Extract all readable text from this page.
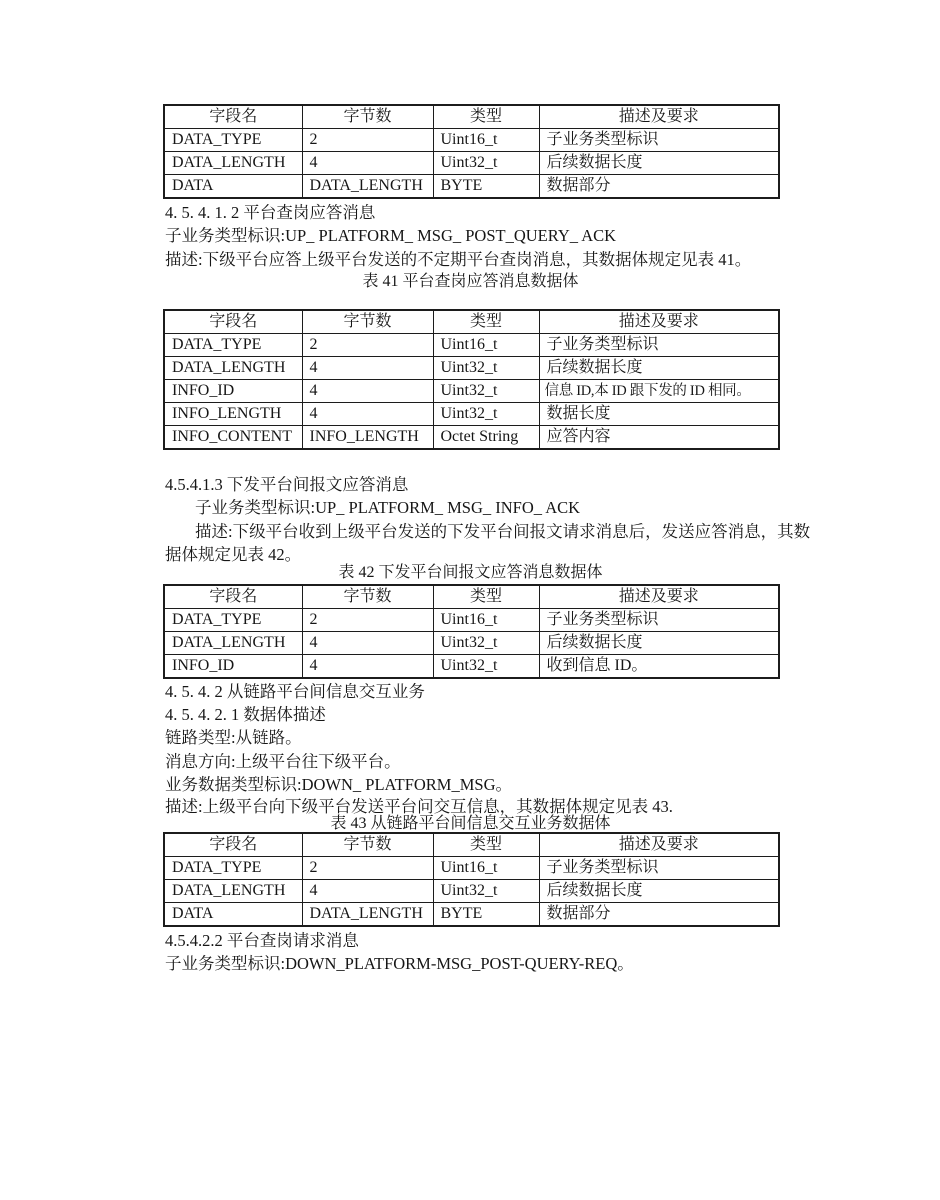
字段名	字节数	类型	描述及要求
DATA_TYPE	2	Uint16_t	子业务类型标识
DATA_LENGTH	4	Uint32_t	后续数据长度
DATA	DATA_LENGTH	BYTE	数据部分
4. 5. 4. 1. 2 平台查岗应答消息
子业务类型标识:UP_ PLATFORM_ MSG_ POST_QUERY_ ACK
描述:下级平台应答上级平台发送的不定期平台查岗消息，其数据体规定见表 41。
表 41 平台查岗应答消息数据体
字段名	字节数	类型	描述及要求
DATA_TYPE	2	Uint16_t	子业务类型标识
DATA_LENGTH	4	Uint32_t	后续数据长度
INFO_ID	4	Uint32_t	信息 ID,本 ID 跟下发的 ID 相同。
INFO_LENGTH	4	Uint32_t	数据长度
INFO_CONTENT	INFO_LENGTH	Octet String	应答内容
4.5.4.1.3 下发平台间报文应答消息
子业务类型标识:UP_ PLATFORM_ MSG_ INFO_ ACK
描述:下级平台收到上级平台发送的下发平台间报文请求消息后，发送应答消息，其数
据体规定见表 42。
表 42 下发平台间报文应答消息数据体
字段名	字节数	类型	描述及要求
DATA_TYPE	2	Uint16_t	子业务类型标识
DATA_LENGTH	4	Uint32_t	后续数据长度
INFO_ID	4	Uint32_t	收到信息 ID。
4. 5. 4. 2 从链路平台间信息交互业务
4. 5. 4. 2. 1 数据体描述
链路类型:从链路。
消息方向:上级平台往下级平台。
业务数据类型标识:DOWN_ PLATFORM_MSG。
描述:上级平台向下级平台发送平台问交互信息，其数据体规定见表 43.
表 43 从链路平台间信息交互业务数据体
字段名	字节数	类型	描述及要求
DATA_TYPE	2	Uint16_t	子业务类型标识
DATA_LENGTH	4	Uint32_t	后续数据长度
DATA	DATA_LENGTH	BYTE	数据部分
4.5.4.2.2 平台查岗请求消息
子业务类型标识:DOWN_PLATFORM-MSG_POST-QUERY-REQ。
